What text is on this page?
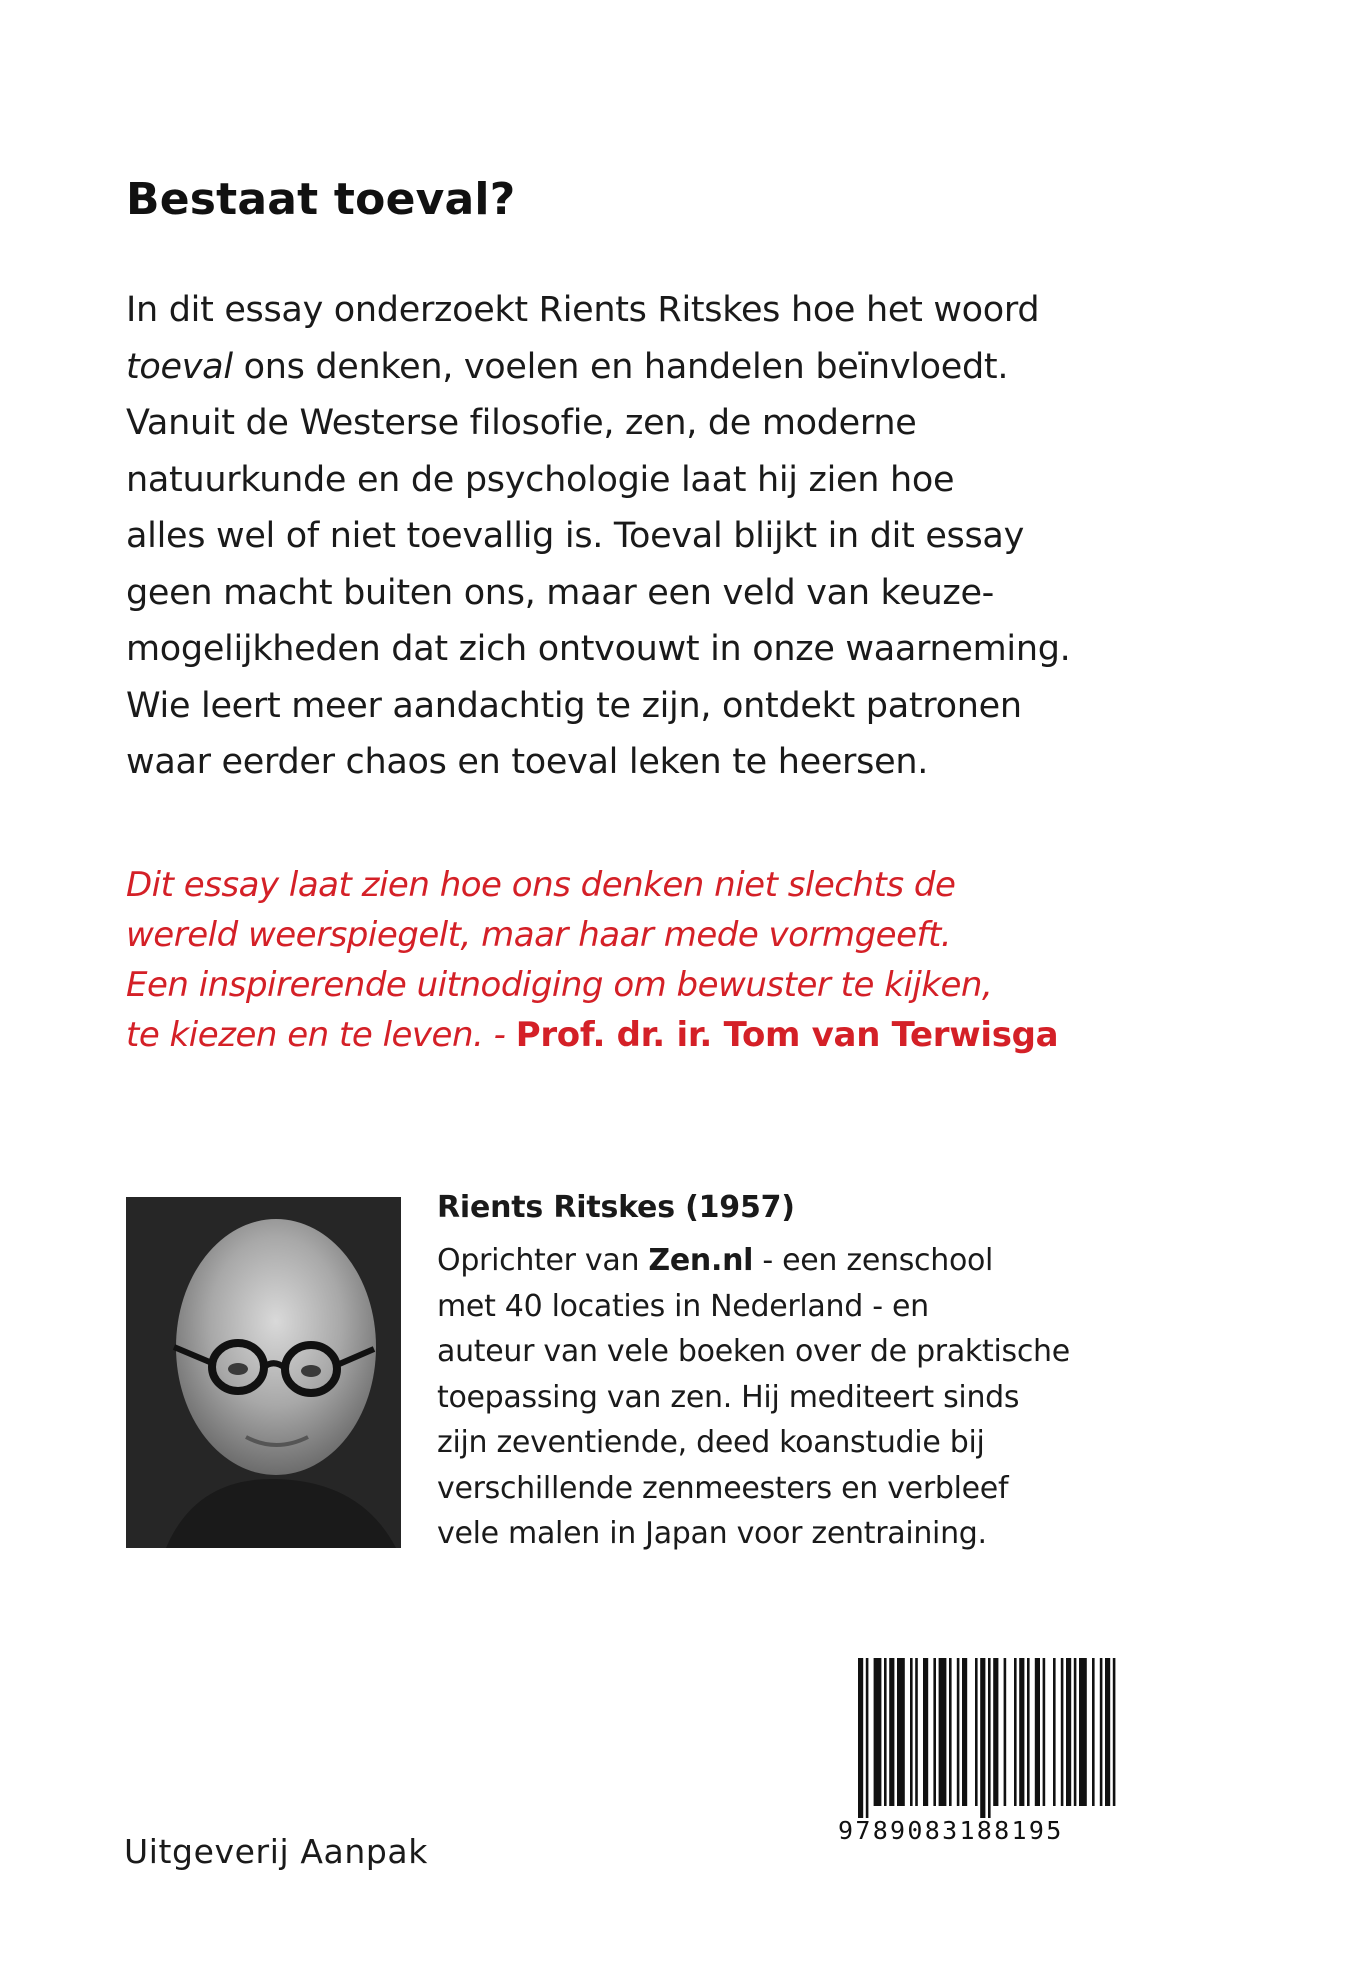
Bestaat toeval?

In dit essay onderzoekt Rients Ritskes hoe het woord
toeval ons denken, voelen en handelen beïnvloedt.
Vanuit de Westerse filosofie, zen, de moderne
natuurkunde en de psychologie laat hij zien hoe
alles wel of niet toevallig is. Toeval blijkt in dit essay
geen macht buiten ons, maar een veld van keuze-
mogelijkheden dat zich ontvouwt in onze waarneming.
Wie leert meer aandachtig te zijn, ontdekt patronen
waar eerder chaos en toeval leken te heersen.

Dit essay laat zien hoe ons denken niet slechts de
wereld weerspiegelt, maar haar mede vormgeeft.
Een inspirerende uitnodiging om bewuster te kijken,
te kiezen en te leven. - Prof. dr. ir. Tom van Terwisga

Rients Ritskes (1957)

Oprichter van Zen.nl - een zenschool
met 40 locaties in Nederland - en
auteur van vele boeken over de praktische
toepassing van zen. Hij mediteert sinds
zijn zeventiende, deed koanstudie bij
verschillende zenmeesters en verbleef
vele malen in Japan voor zentraining.

9789083188195
Uitgeverij Aanpak
